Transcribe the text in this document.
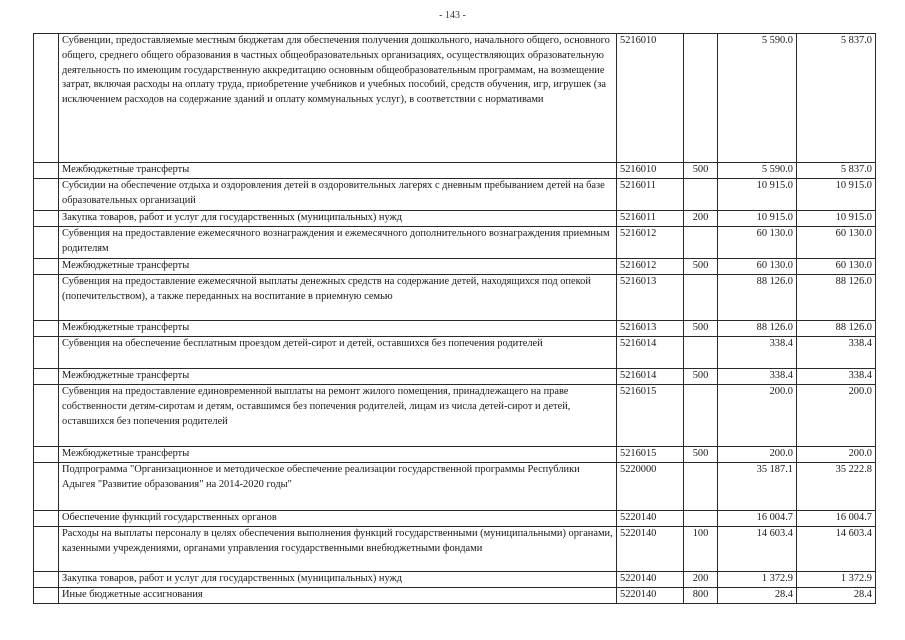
- 143 -
	Субвенции, предоставляемые местным бюджетам для обеспечения получения дошкольного, начального общего, основного общего, среднего общего образования в частных общеобразовательных организациях, осуществляющих образовательную деятельность по имеющим государственную аккредитацию основным общеобразовательным программам, на возмещение затрат, включая расходы на оплату труда, приобретение учебников и учебных пособий, средств обучения, игр, игрушек (за исключением расходов на содержание зданий и оплату коммунальных услуг), в соответствии с нормативами	5216010		5 590.0	5 837.0
	Межбюджетные трансферты	5216010	500	5 590.0	5 837.0
	Субсидии на обеспечение отдыха и оздоровления детей в оздоровительных лагерях с дневным пребыванием детей на базе образовательных организаций	5216011		10 915.0	10 915.0
	Закупка товаров, работ и услуг для государственных (муниципальных) нужд	5216011	200	10 915.0	10 915.0
	Субвенция на предоставление ежемесячного вознаграждения и ежемесячного дополнительного вознаграждения приемным родителям	5216012		60 130.0	60 130.0
	Межбюджетные трансферты	5216012	500	60 130.0	60 130.0
	Субвенция на предоставление ежемесячной выплаты денежных средств на содержание детей, находящихся под опекой (попечительством), а также переданных на воспитание в приемную семью	5216013		88 126.0	88 126.0
	Межбюджетные трансферты	5216013	500	88 126.0	88 126.0
	Субвенция на обеспечение бесплатным проездом детей-сирот и детей, оставшихся без попечения родителей	5216014		338.4	338.4
	Межбюджетные трансферты	5216014	500	338.4	338.4
	Субвенция на предоставление единовременной выплаты на ремонт жилого помещения, принадлежащего на праве собственности детям-сиротам и детям, оставшимся без попечения родителей, лицам из числа детей-сирот и детей, оставшихся без попечения родителей	5216015		200.0	200.0
	Межбюджетные трансферты	5216015	500	200.0	200.0
	Подпрограмма "Организационное и методическое обеспечение реализации государственной программы Республики Адыгея "Развитие образования" на 2014-2020 годы"	5220000		35 187.1	35 222.8
	Обеспечение функций государственных органов	5220140		16 004.7	16 004.7
	Расходы на выплаты персоналу в целях обеспечения выполнения функций государственными (муниципальными) органами, казенными учреждениями, органами управления государственными внебюджетными фондами	5220140	100	14 603.4	14 603.4
	Закупка товаров, работ и услуг для государственных (муниципальных) нужд	5220140	200	1 372.9	1 372.9
	Иные бюджетные ассигнования	5220140	800	28.4	28.4
